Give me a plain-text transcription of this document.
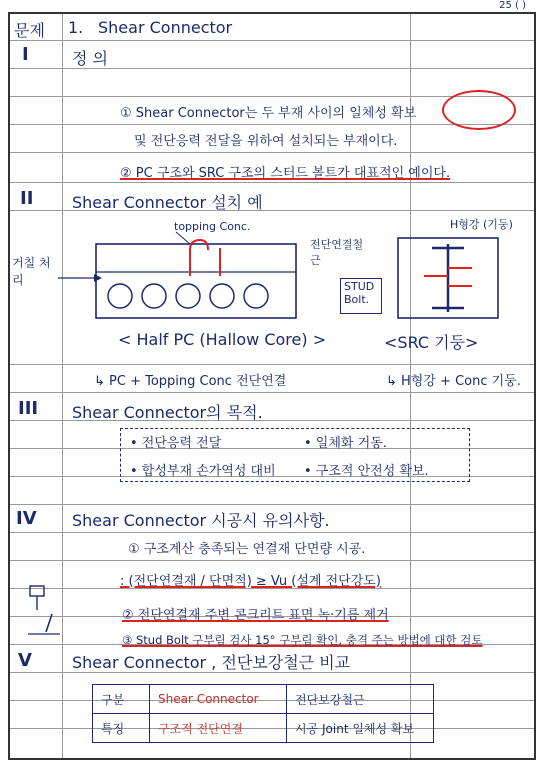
25 ( )
문제 1. Shear Connector
I	정 의
① Shear Connector는 두 부재 사이의 일체성 확보
및 전단응력 전달을 위하여 설치되는 부재이다.
② PC 구조와 SRC 구조의 스터드 볼트가 대표적인 예이다.
II Shear Connector 설치 예
거칠 처리
topping Conc.
전단연결철근
STUD Bolt.
H형강 (기둥)
< Half PC (Hallow Core) >	<SRC 기둥>
↳ PC + Topping Conc 전단연결	↳ H형강 + Conc 기둥.
III Shear Connector의 목적.
• 전단응력 전달	• 일체화 거동.
• 합성부재 손가역성 대비 • 구조적 안전성 확보.
IV Shear Connector 시공시 유의사항.
① 구조계산 충족되는 연결재 단면량 시공.
: (전단연결재 / 단면적) ≥ Vu (설계 전단강도)
② 전단연결재 주변 콘크리트 표면 녹·기름 제거
③ Stud Bolt 구부림 검사 15° 구부림 확인, 충격 주는 방법에 대한 검토
V	Shear Connector , 전단보강철근 비교
구분	Shear Connector	전단보강철근
특징	구조적 전단연결	시공 Joint 일체성 확보
